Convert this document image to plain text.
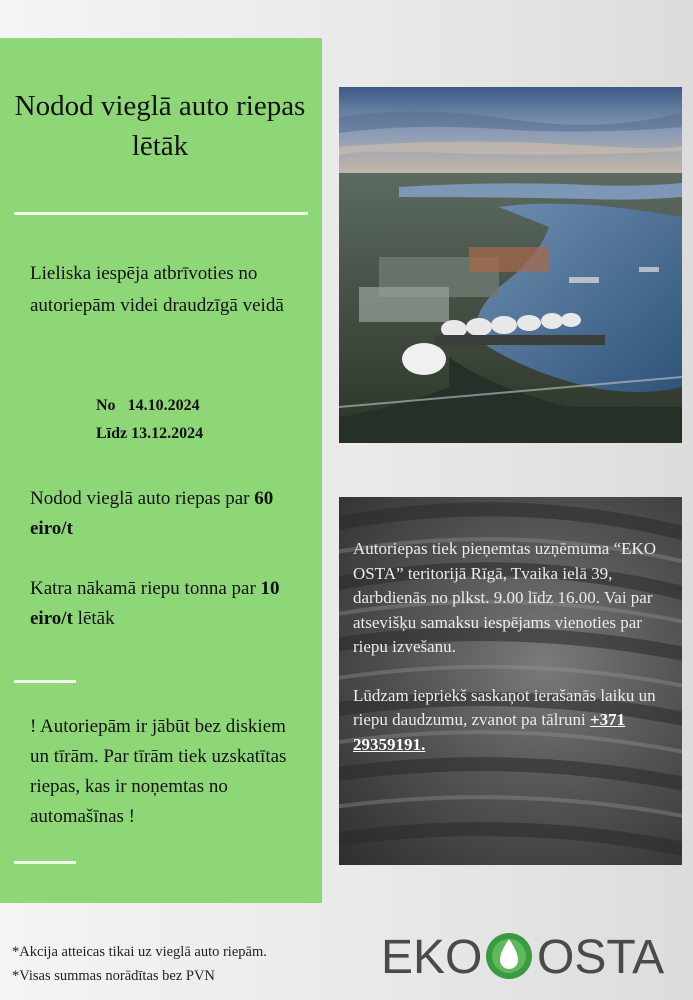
Nodod vieglā auto riepas lētāk
Lieliska iespēja atbrīvoties no autoriepām videi draudzīgā veidā
No 14.10.2024
Līdz 13.12.2024

Nodod vieglā auto riepas par 60 eiro/t

Katra nākamā riepu tonna par 10 eiro/t lētāk

! Autoriepām ir jābūt bez diskiem un tīrām. Par tīrām tiek uzskatītas riepas, kas ir noņemtas no automašīnas !

Autoriepas tiek pieņemtas uzņēmuma “EKO OSTA” teritorijā Rīgā, Tvaika ielā 39, darbdienās no plkst. 9.00 līdz 16.00. Vai par atsevišķu samaksu iespējams vienoties par riepu izvešanu.

Lūdzam iepriekš saskaņot ierašanās laiku un riepu daudzumu, zvanot pa tālruni +371 29359191.

*Akcija atteicas tikai uz vieglā auto riepām.
*Visas summas norādītas bez PVN	EKO OSTA
